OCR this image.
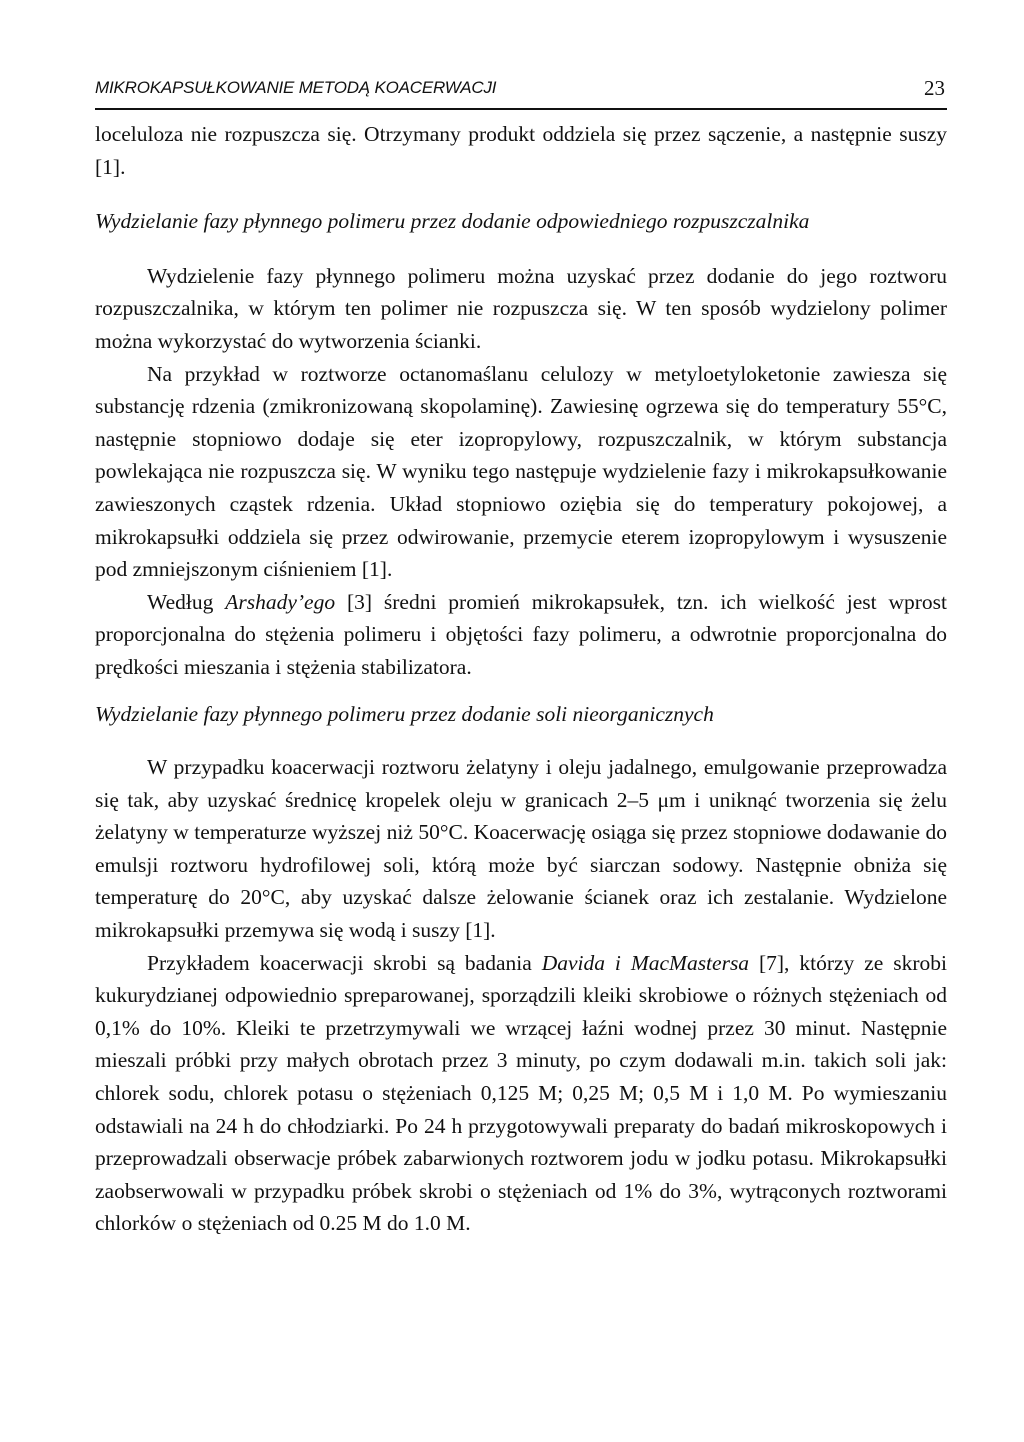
MIKROKAPSUŁKOWANIE METODĄ KOACERWACJI	23

loceluloza nie rozpuszcza się. Otrzymany produkt oddziela się przez sączenie, a następnie suszy [1].

Wydzielanie fazy płynnego polimeru przez dodanie odpowiedniego rozpuszczalnika

Wydzielenie fazy płynnego polimeru można uzyskać przez dodanie do jego roztworu rozpuszczalnika, w którym ten polimer nie rozpuszcza się. W ten sposób wydzielony polimer można wykorzystać do wytworzenia ścianki.

Na przykład w roztworze octanomaślanu celulozy w metyloetyloketonie zawiesza się substancję rdzenia (zmikronizowaną skopolaminę). Zawiesinę ogrzewa się do temperatury 55°C, następnie stopniowo dodaje się eter izopropylowy, rozpuszczalnik, w którym substancja powlekająca nie rozpuszcza się. W wyniku tego następuje wydzielenie fazy i mikrokapsułkowanie zawieszonych cząstek rdzenia. Układ stopniowo oziębia się do temperatury pokojowej, a mikrokapsułki oddziela się przez odwirowanie, przemycie eterem izopropylowym i wysuszenie pod zmniejszonym ciśnieniem [1].

Według Arshady’ego [3] średni promień mikrokapsułek, tzn. ich wielkość jest wprost proporcjonalna do stężenia polimeru i objętości fazy polimeru, a odwrotnie proporcjonalna do prędkości mieszania i stężenia stabilizatora.

Wydzielanie fazy płynnego polimeru przez dodanie soli nieorganicznych

W przypadku koacerwacji roztworu żelatyny i oleju jadalnego, emulgowanie przeprowadza się tak, aby uzyskać średnicę kropelek oleju w granicach 2–5 μm i uniknąć tworzenia się żelu żelatyny w temperaturze wyższej niż 50°C. Koacerwację osiąga się przez stopniowe dodawanie do emulsji roztworu hydrofilowej soli, którą może być siarczan sodowy. Następnie obniża się temperaturę do 20°C, aby uzyskać dalsze żelowanie ścianek oraz ich zestalanie. Wydzielone mikrokapsułki przemywa się wodą i suszy [1].

Przykładem koacerwacji skrobi są badania Davida i MacMastersa [7], którzy ze skrobi kukurydzianej odpowiednio spreparowanej, sporządzili kleiki skrobiowe o różnych stężeniach od 0,1% do 10%. Kleiki te przetrzymywali we wrzącej łaźni wodnej przez 30 minut. Następnie mieszali próbki przy małych obrotach przez 3 minuty, po czym dodawali m.in. takich soli jak: chlorek sodu, chlorek potasu o stężeniach 0,125 M; 0,25 M; 0,5 M i 1,0 M. Po wymieszaniu odstawiali na 24 h do chłodziarki. Po 24 h przygotowywali preparaty do badań mikroskopowych i przeprowadzali obserwacje próbek zabarwionych roztworem jodu w jodku potasu. Mikrokapsułki zaobserwowali w przypadku próbek skrobi o stężeniach od 1% do 3%, wytrąconych roztworami chlorków o stężeniach od 0.25 M do 1.0 M.
